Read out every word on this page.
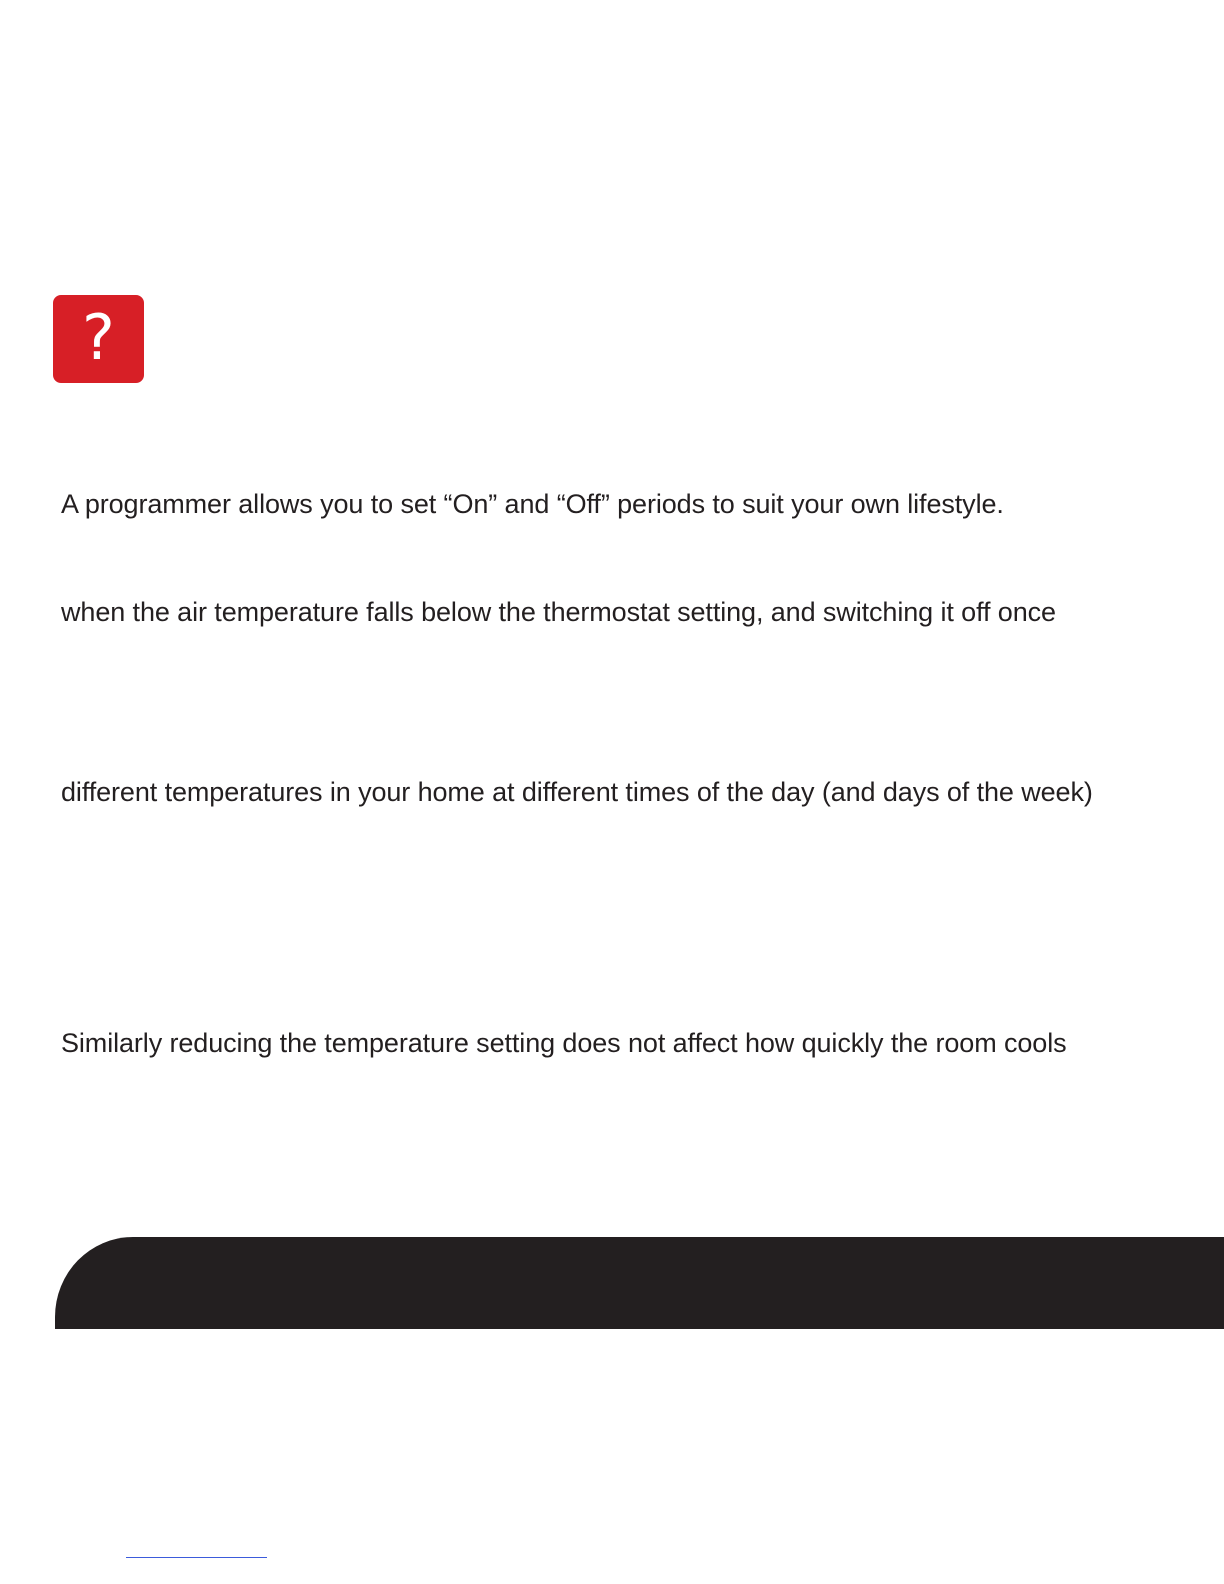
?

A programmer allows you to set “On” and “Off” periods to suit your own lifestyle.

when the air temperature falls below the thermostat setting, and switching it off once

different temperatures in your home at different times of the day (and days of the week)

Similarly reducing the temperature setting does not affect how quickly the room cools
